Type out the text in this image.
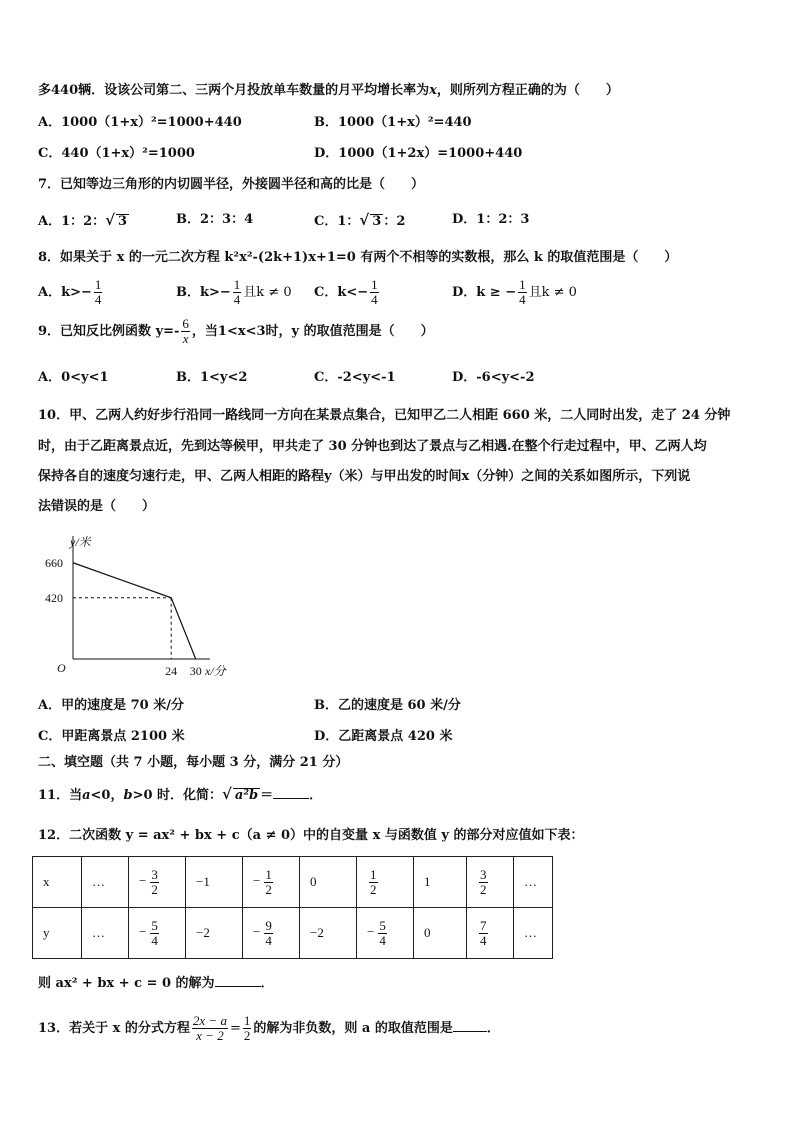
多440辆．设该公司第二、三两个月投放单车数量的月平均增长率为x，则所列方程正确的为（　　）
A．1000（1+x）²=1000+440	B．1000（1+x）²=440
C．440（1+x）²=1000	D．1000（1+2x）=1000+440
7．已知等边三角形的内切圆半径，外接圆半径和高的比是（　　）
A．1：2：√ 3	B．2：3：4	C．1：√ 3 ：2	D．1：2：3
8．如果关于 x 的一元二次方程 k²x²-(2k+1)x+1=0 有两个不相等的实数根，那么 k 的取值范围是（　　）
A．$k>- \frac{1}{4}$	B．$k>- \frac{1}{4}$ 且k ≠ 0 C．$k<- \frac{1}{4}$	D．k ≥ − $\frac{1}{4}$ 且k ≠ 0
9．已知反比例函数 $y=- \frac{6}{x}$ ，当1<x<3时，y 的取值范围是（　　）
A．0<y<1	B．1<y<2	C．-2<y<-1	D．-6<y<-2
10．甲、乙两人约好步行沿同一路线同一方向在某景点集合，已知甲乙二人相距 660 米，二人同时出发，走了 24 分钟
时，由于乙距离景点近，先到达等候甲，甲共走了 30 分钟也到达了景点与乙相遇.在整个行走过程中，甲、乙两人均
保持各自的速度匀速行走，甲、乙两人相距的路程y（米）与甲出发的时间x（分钟）之间的关系如图所示，下列说
法错误的是（　　）
y/米
x/分
O
660
420
24 30
A．甲的速度是 70 米/分	B．乙的速度是 60 米/分
C．甲距离景点 2100 米	D．乙距离景点 420 米
二、填空题（共 7 小题，每小题 3 分，满分 21 分）
11．当a<0，b>0 时．化简：√ a²b ＝	．
12．二次函数 y = ax² + bx + c（a ≠ 0）中的自变量 x 与函数值 y 的部分对应值如下表：
x	…	$-\frac{3}{2}$	−1	$-\frac{1}{2}$	0	$\frac{1}{2}$	1	$\frac{3}{2}$	…
y	…	$-\frac{5}{4}$	−2	$-\frac{9}{4}$	−2	$-\frac{5}{4}$	0	$\frac{7}{4}$	…
则 ax² + bx + c = 0 的解为	．
13．若关于 x 的分式方程 $\frac{2x - a}{x - 2} = \frac{1}{2}$ 的解为非负数，则 a 的取值范围是	．
